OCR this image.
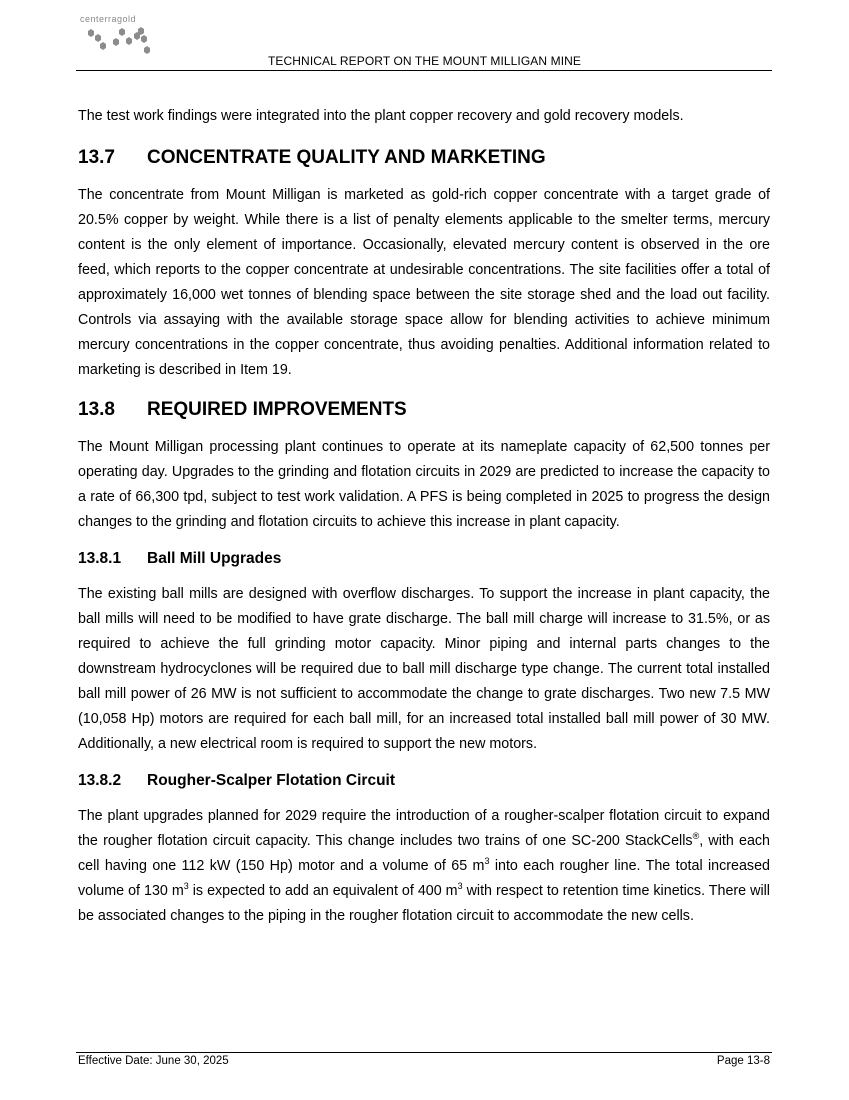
centerragold
TECHNICAL REPORT ON THE MOUNT MILLIGAN MINE

The test work findings were integrated into the plant copper recovery and gold recovery models.

13.7	CONCENTRATE QUALITY AND MARKETING

The concentrate from Mount Milligan is marketed as gold-rich copper concentrate with a target grade of 20.5% copper by weight. While there is a list of penalty elements applicable to the smelter terms, mercury content is the only element of importance. Occasionally, elevated mercury content is observed in the ore feed, which reports to the copper concentrate at undesirable concentrations. The site facilities offer a total of approximately 16,000 wet tonnes of blending space between the site storage shed and the load out facility. Controls via assaying with the available storage space allow for blending activities to achieve minimum mercury concentrations in the copper concentrate, thus avoiding penalties. Additional information related to marketing is described in Item 19.

13.8	REQUIRED IMPROVEMENTS

The Mount Milligan processing plant continues to operate at its nameplate capacity of 62,500 tonnes per operating day. Upgrades to the grinding and flotation circuits in 2029 are predicted to increase the capacity to a rate of 66,300 tpd, subject to test work validation. A PFS is being completed in 2025 to progress the design changes to the grinding and flotation circuits to achieve this increase in plant capacity.

13.8.1	Ball Mill Upgrades

The existing ball mills are designed with overflow discharges. To support the increase in plant capacity, the ball mills will need to be modified to have grate discharge. The ball mill charge will increase to 31.5%, or as required to achieve the full grinding motor capacity. Minor piping and internal parts changes to the downstream hydrocyclones will be required due to ball mill discharge type change. The current total installed ball mill power of 26 MW is not sufficient to accommodate the change to grate discharges. Two new 7.5 MW (10,058 Hp) motors are required for each ball mill, for an increased total installed ball mill power of 30 MW. Additionally, a new electrical room is required to support the new motors.

13.8.2	Rougher-Scalper Flotation Circuit

The plant upgrades planned for 2029 require the introduction of a rougher-scalper flotation circuit to expand the rougher flotation circuit capacity. This change includes two trains of one SC-200 StackCells®, with each cell having one 112 kW (150 Hp) motor and a volume of 65 $m^3$ into each rougher line. The total increased volume of 130 $m^3$ is expected to add an equivalent of 400 $m^3$ with respect to retention time kinetics. There will be associated changes to the piping in the rougher flotation circuit to accommodate the new cells.

Effective Date: June 30, 2025	Page 13-8
